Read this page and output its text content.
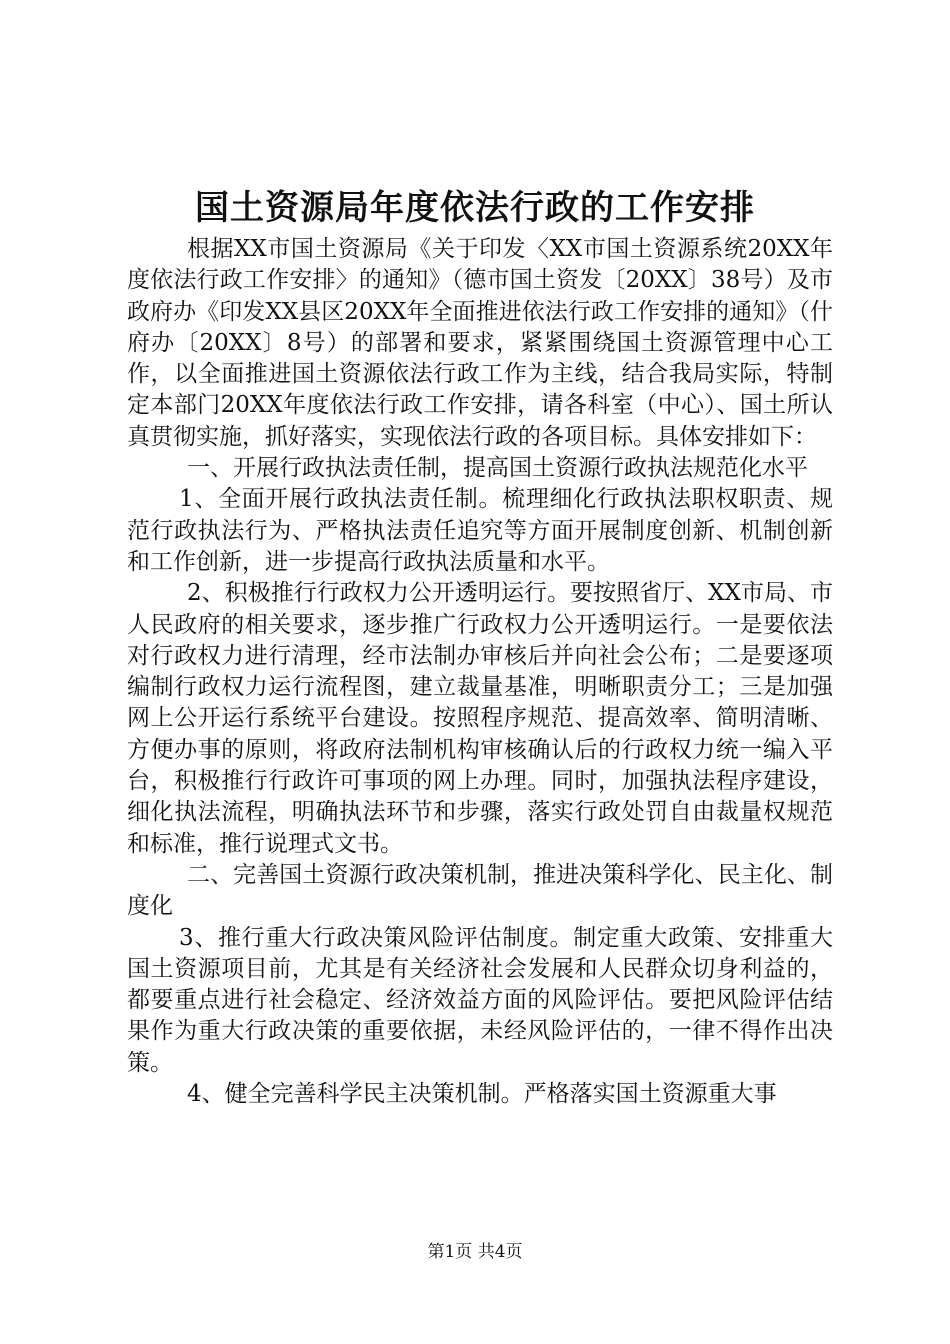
国土资源局年度依法行政的工作安排

根据XX市国土资源局《关于印发〈XX市国土资源系统20XX年度依法行政工作安排〉的通知》（德市国土资发〔20XX〕38号）及市政府办《印发XX县区20XX年全面推进依法行政工作安排的通知》（什府办〔20XX〕8号）的部署和要求，紧紧围绕国土资源管理中心工作，以全面推进国土资源依法行政工作为主线，结合我局实际，特制定本部门20XX年度依法行政工作安排，请各科室（中心）、国土所认真贯彻实施，抓好落实，实现依法行政的各项目标。具体安排如下：

一、开展行政执法责任制，提高国土资源行政执法规范化水平

1、全面开展行政执法责任制。梳理细化行政执法职权职责、规范行政执法行为、严格执法责任追究等方面开展制度创新、机制创新和工作创新，进一步提高行政执法质量和水平。

2、积极推行行政权力公开透明运行。要按照省厅、XX市局、市人民政府的相关要求，逐步推广行政权力公开透明运行。一是要依法对行政权力进行清理，经市法制办审核后并向社会公布；二是要逐项编制行政权力运行流程图，建立裁量基准，明晰职责分工；三是加强网上公开运行系统平台建设。按照程序规范、提高效率、简明清晰、方便办事的原则，将政府法制机构审核确认后的行政权力统一编入平台，积极推行行政许可事项的网上办理。同时，加强执法程序建设，细化执法流程，明确执法环节和步骤，落实行政处罚自由裁量权规范和标准，推行说理式文书。

二、完善国土资源行政决策机制，推进决策科学化、民主化、制度化

3、推行重大行政决策风险评估制度。制定重大政策、安排重大国土资源项目前，尤其是有关经济社会发展和人民群众切身利益的，都要重点进行社会稳定、经济效益方面的风险评估。要把风险评估结果作为重大行政决策的重要依据，未经风险评估的，一律不得作出决策。

4、健全完善科学民主决策机制。严格落实国土资源重大事

第1页 共4页
